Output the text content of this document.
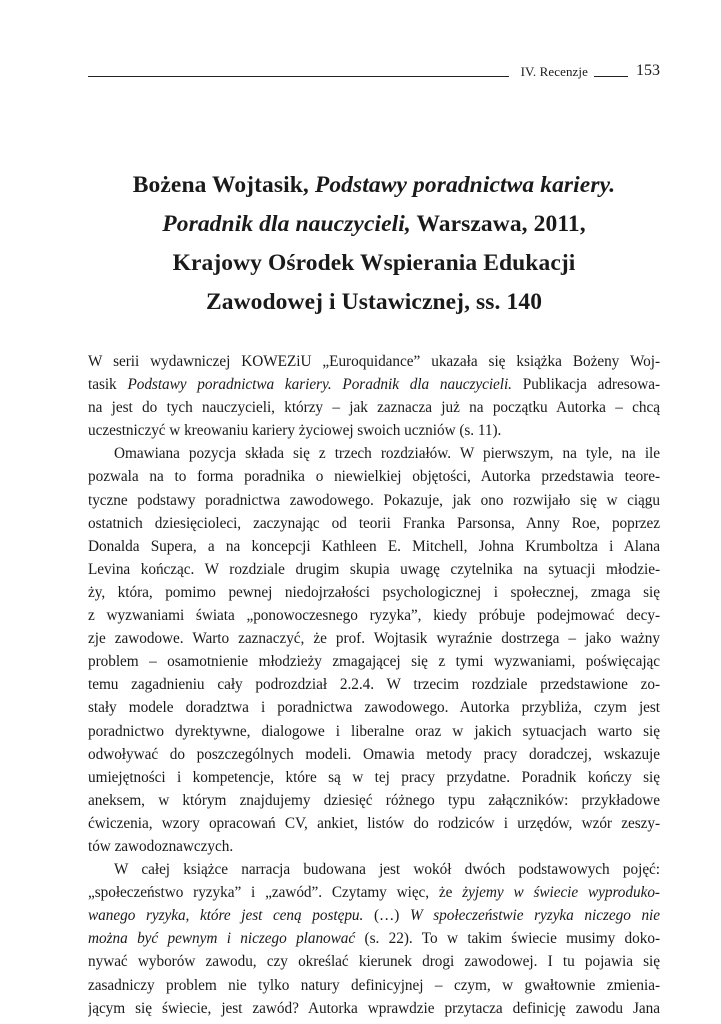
IV. Recenzje	153
Bożena Wojtasik, Podstawy poradnictwa kariery.
Poradnik dla nauczycieli, Warszawa, 2011,
Krajowy Ośrodek Wspierania Edukacji
Zawodowej i Ustawicznej, ss. 140
W serii wydawniczej KOWEZiU „Euroquidance” ukazała się książka Bożeny Woj-
tasik Podstawy poradnictwa kariery. Poradnik dla nauczycieli. Publikacja adresowa-
na jest do tych nauczycieli, którzy – jak zaznacza już na początku Autorka – chcą
uczestniczyć w kreowaniu kariery życiowej swoich uczniów (s. 11).
Omawiana pozycja składa się z trzech rozdziałów. W pierwszym, na tyle, na ile
pozwala na to forma poradnika o niewielkiej objętości, Autorka przedstawia teore-
tyczne podstawy poradnictwa zawodowego. Pokazuje, jak ono rozwijało się w ciągu
ostatnich dziesięcioleci, zaczynając od teorii Franka Parsonsa, Anny Roe, poprzez
Donalda Supera, a na koncepcji Kathleen E. Mitchell, Johna Krumboltza i Alana
Levina kończąc. W rozdziale drugim skupia uwagę czytelnika na sytuacji młodzie-
ży, która, pomimo pewnej niedojrzałości psychologicznej i społecznej, zmaga się
z wyzwaniami świata „ponowoczesnego ryzyka”, kiedy próbuje podejmować decy-
zje zawodowe. Warto zaznaczyć, że prof. Wojtasik wyraźnie dostrzega – jako ważny
problem – osamotnienie młodzieży zmagającej się z tymi wyzwaniami, poświęcając
temu zagadnieniu cały podrozdział 2.2.4. W trzecim rozdziale przedstawione zo-
stały modele doradztwa i poradnictwa zawodowego. Autorka przybliża, czym jest
poradnictwo dyrektywne, dialogowe i liberalne oraz w jakich sytuacjach warto się
odwoływać do poszczególnych modeli. Omawia metody pracy doradczej, wskazuje
umiejętności i kompetencje, które są w tej pracy przydatne. Poradnik kończy się
aneksem, w którym znajdujemy dziesięć różnego typu załączników: przykładowe
ćwiczenia, wzory opracowań CV, ankiet, listów do rodziców i urzędów, wzór zeszy-
tów zawodoznawczych.
W całej książce narracja budowana jest wokół dwóch podstawowych pojęć:
„społeczeństwo ryzyka” i „zawód”. Czytamy więc, że żyjemy w świecie wyproduko-
wanego ryzyka, które jest ceną postępu. (…) W społeczeństwie ryzyka niczego nie
można być pewnym i niczego planować (s. 22). To w takim świecie musimy doko-
nywać wyborów zawodu, czy określać kierunek drogi zawodowej. I tu pojawia się
zasadniczy problem nie tylko natury definicyjnej – czym, w gwałtownie zmienia-
jącym się świecie, jest zawód? Autorka wprawdzie przytacza definicję zawodu Jana
